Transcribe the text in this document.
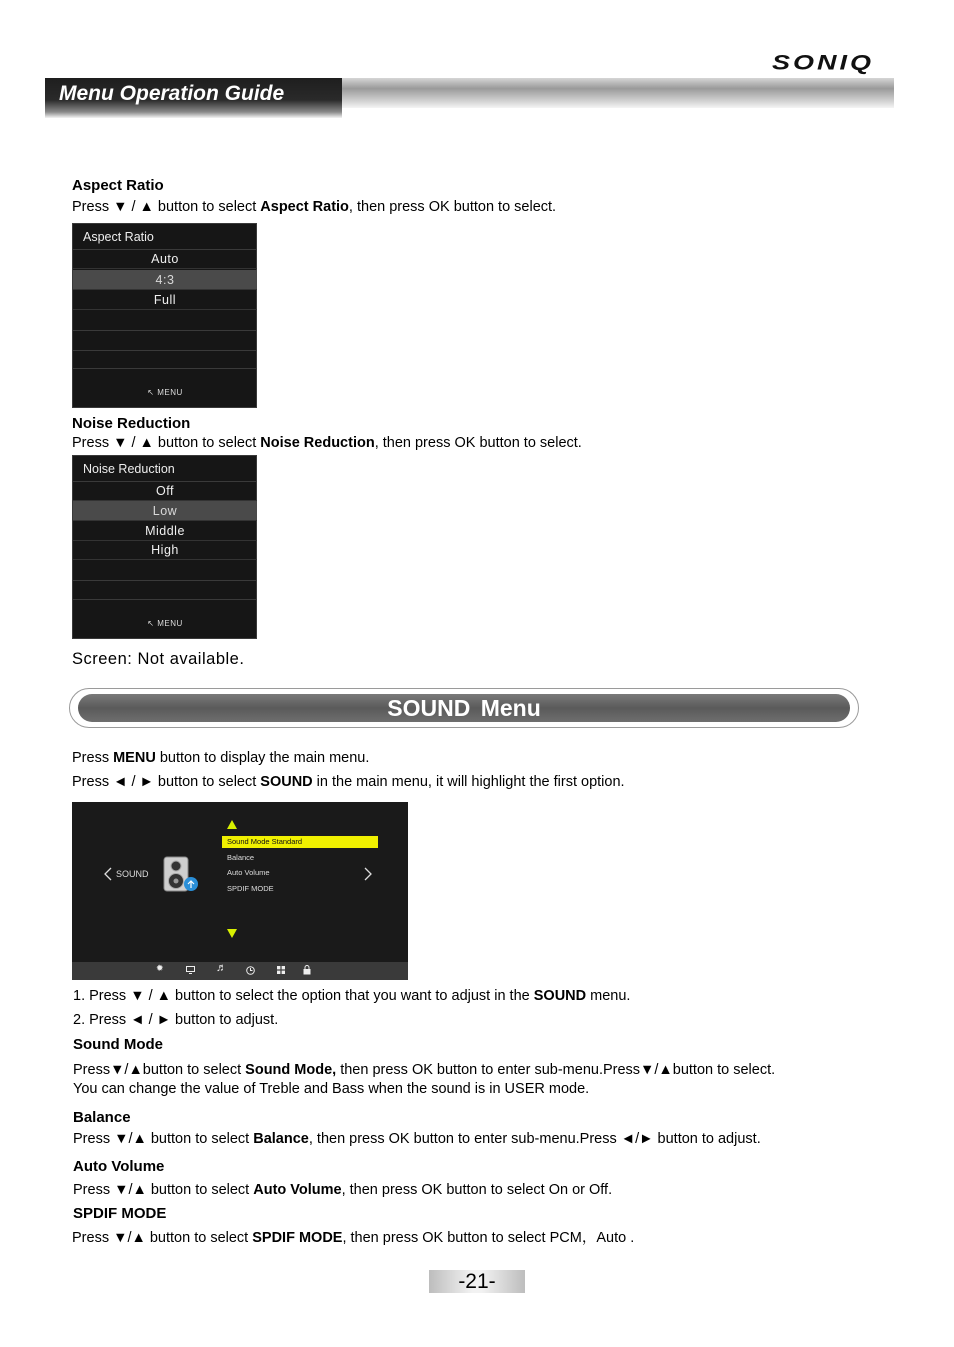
Menu Operation Guide
SONIQ
Aspect Ratio
Press ▼ / ▲ button to select Aspect Ratio, then press OK button to select.
Aspect Ratio
Auto
4:3
Full
↖ MENU
Noise Reduction
Press ▼ / ▲ button to select Noise Reduction, then press OK button to select.
Noise Reduction
Off
Low
Middle
High
↖ MENU
Screen: Not available.
SOUND Menu
Press MENU button to display the main menu.
Press ◄ / ► button to select SOUND in the main menu, it will highlight the first option.
Sound Mode Standard
Balance
Auto Volume
SPDIF MODE
SOUND
✹	♬
1. Press ▼ / ▲ button to select the option that you want to adjust in the SOUND menu.
2. Press ◄ / ► button to adjust.
Sound Mode
Press▼/▲button to select Sound Mode, then press OK button to enter sub-menu.Press▼/▲button to select.
You can change the value of Treble and Bass when the sound is in USER mode.
Balance
Press ▼/▲ button to select Balance, then press OK button to enter sub-menu.Press ◄/► button to adjust.
Auto Volume
Press ▼/▲ button to select Auto Volume, then press OK button to select On or Off.
SPDIF MODE
Press ▼/▲ button to select SPDIF MODE, then press OK button to select PCM，Auto .
-21-
